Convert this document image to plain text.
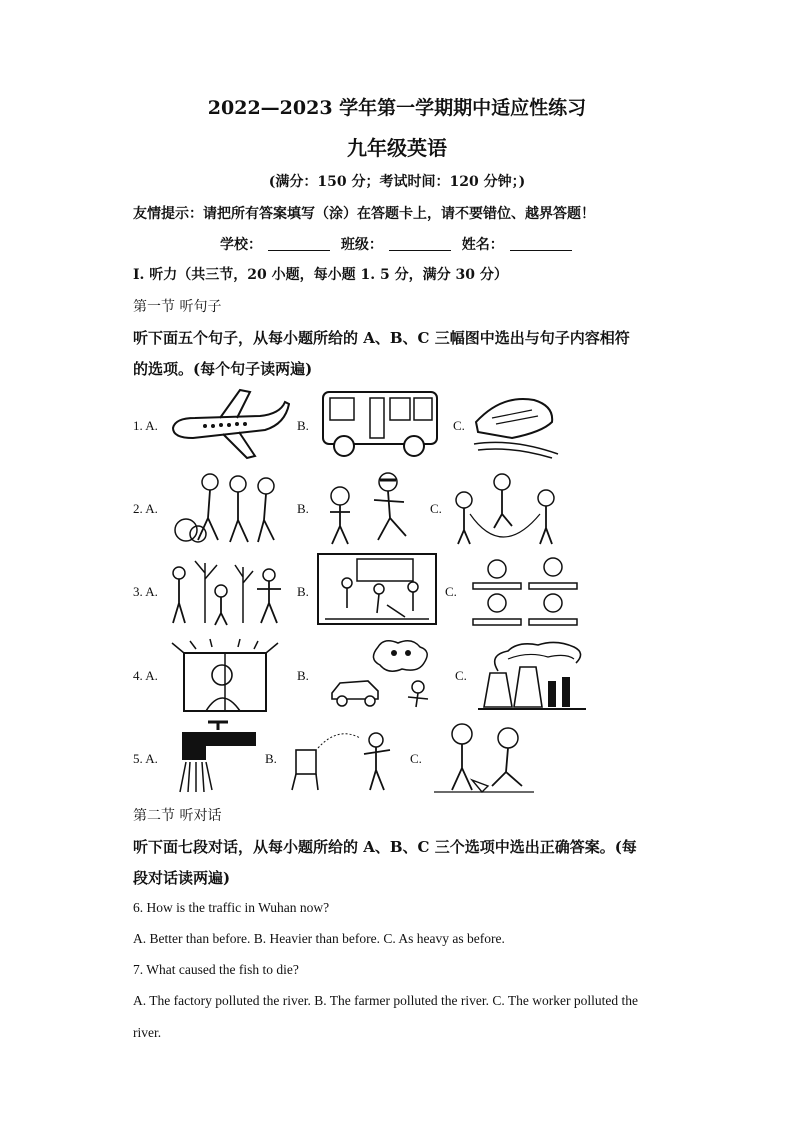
2022—2023 学年第一学期期中适应性练习
九年级英语
(满分：150 分；考试时间：120 分钟；)
友情提示：请把所有答案填写（涂）在答题卡上，请不要错位、越界答题！
学校：	班级：	姓名：
Ⅰ. 听力（共三节，20 小题，每小题 1. 5 分，满分 30 分）
第一节 听句子
听下面五个句子，从每小题所给的 A、B、C 三幅图中选出与句子内容相符
的选项。(每个句子读两遍)
1. A.	B.	C.
2. A.	B.	C.
3. A.	B.	C.
4. A.	B.	C.
5. A.	B.	C.
第二节 听对话
听下面七段对话，从每小题所给的 A、B、C 三个选项中选出正确答案。(每
段对话读两遍)
6. How is the traffic in Wuhan now?
A. Better than before. B. Heavier than before. C. As heavy as before.
7. What caused the fish to die?
A. The factory polluted the river. B. The farmer polluted the river. C. The worker polluted the
river.
